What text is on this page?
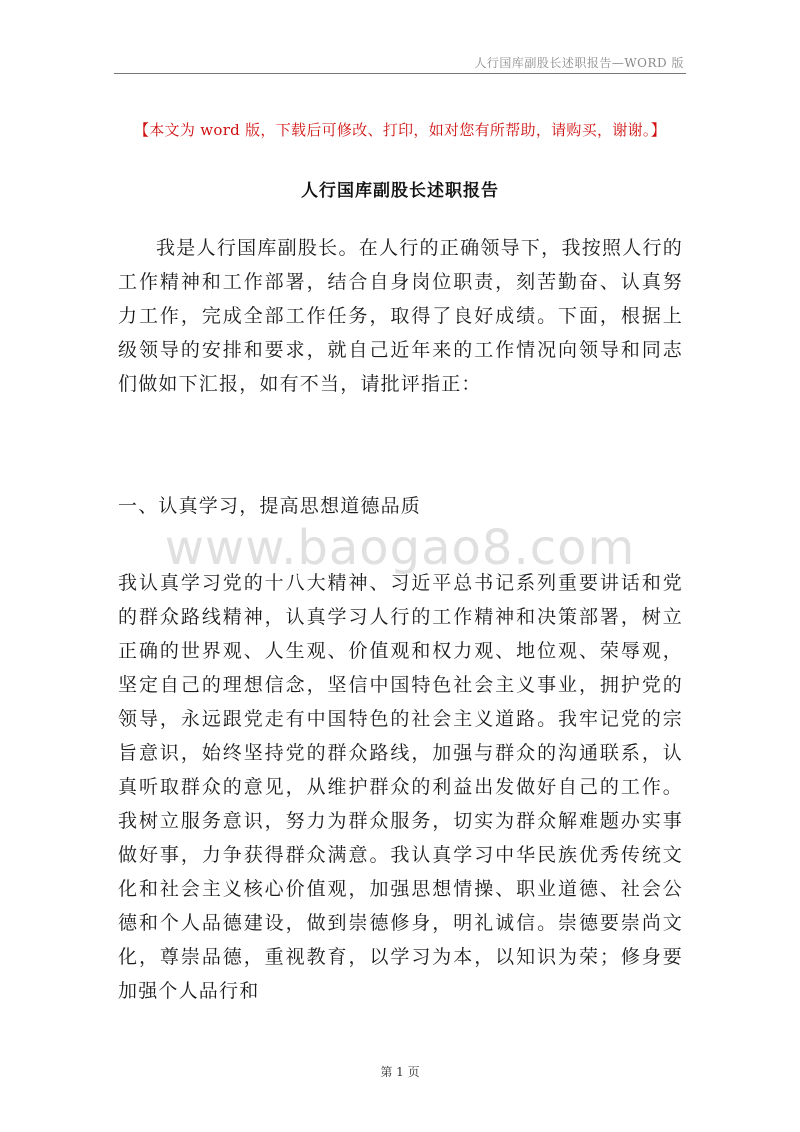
人行国库副股长述职报告—WORD 版
【本文为 word 版，下载后可修改、打印，如对您有所帮助，请购买，谢谢。】
人行国库副股长述职报告

我是人行国库副股长。在人行的正确领导下，我按照人行的工作精神和工作部署，结合自身岗位职责，刻苦勤奋、认真努力工作，完成全部工作任务，取得了良好成绩。下面，根据上级领导的安排和要求，就自己近年来的工作情况向领导和同志们做如下汇报，如有不当，请批评指正：

一、认真学习，提高思想道德品质

www.baogao8.com

我认真学习党的十八大精神、习近平总书记系列重要讲话和党的群众路线精神，认真学习人行的工作精神和决策部署，树立正确的世界观、人生观、价值观和权力观、地位观、荣辱观，坚定自己的理想信念，坚信中国特色社会主义事业，拥护党的领导，永远跟党走有中国特色的社会主义道路。我牢记党的宗旨意识，始终坚持党的群众路线，加强与群众的沟通联系，认真听取群众的意见，从维护群众的利益出发做好自己的工作。我树立服务意识，努力为群众服务，切实为群众解难题办实事做好事，力争获得群众满意。我认真学习中华民族优秀传统文化和社会主义核心价值观，加强思想情操、职业道德、社会公德和个人品德建设，做到崇德修身，明礼诚信。崇德要崇尚文化，尊崇品德，重视教育，以学习为本，以知识为荣；修身要加强个人品行和

第 1 页
